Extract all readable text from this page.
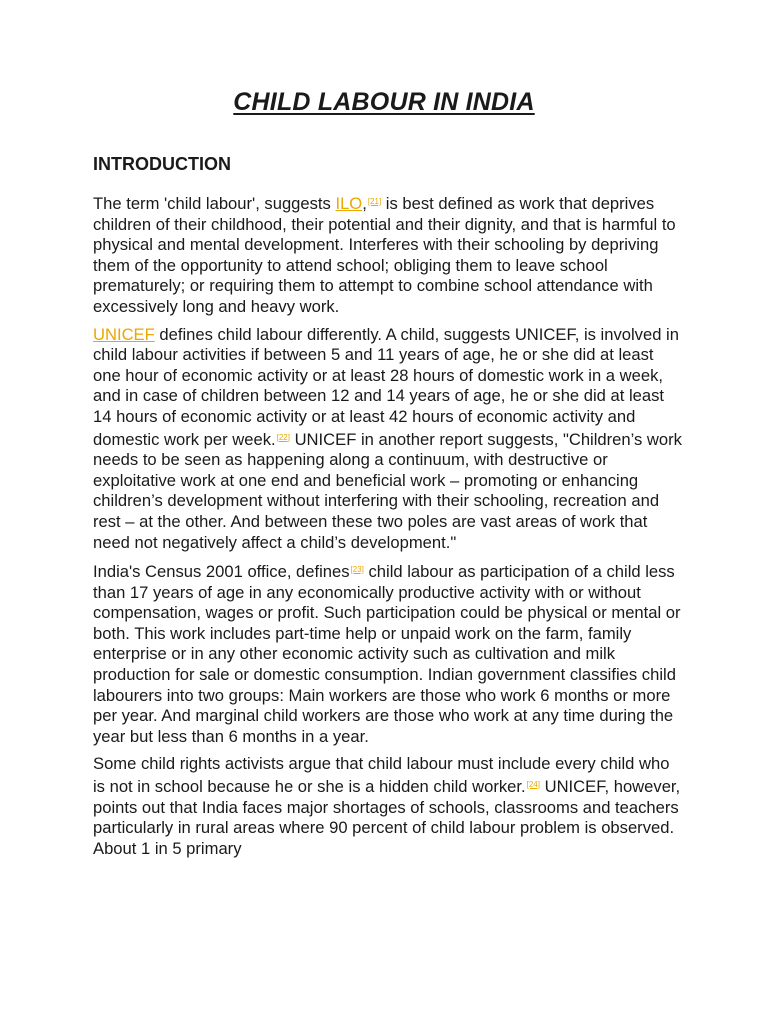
CHILD LABOUR IN INDIA
INTRODUCTION

The term 'child labour', suggests ILO,[21] is best defined as work that deprives children of their childhood, their potential and their dignity, and that is harmful to physical and mental development. Interferes with their schooling by depriving them of the opportunity to attend school; obliging them to leave school prematurely; or requiring them to attempt to combine school attendance with excessively long and heavy work.

UNICEF defines child labour differently. A child, suggests UNICEF, is involved in child labour activities if between 5 and 11 years of age, he or she did at least one hour of economic activity or at least 28 hours of domestic work in a week, and in case of children between 12 and 14 years of age, he or she did at least 14 hours of economic activity or at least 42 hours of economic activity and domestic work per week.[22] UNICEF in another report suggests, "Children’s work needs to be seen as happening along a continuum, with destructive or exploitative work at one end and beneficial work – promoting or enhancing children’s development without interfering with their schooling, recreation and rest – at the other. And between these two poles are vast areas of work that need not negatively affect a child’s development."

India's Census 2001 office, defines[23] child labour as participation of a child less than 17 years of age in any economically productive activity with or without compensation, wages or profit. Such participation could be physical or mental or both. This work includes part-time help or unpaid work on the farm, family enterprise or in any other economic activity such as cultivation and milk production for sale or domestic consumption. Indian government classifies child labourers into two groups: Main workers are those who work 6 months or more per year. And marginal child workers are those who work at any time during the year but less than 6 months in a year.

Some child rights activists argue that child labour must include every child who is not in school because he or she is a hidden child worker.[24] UNICEF, however, points out that India faces major shortages of schools, classrooms and teachers particularly in rural areas where 90 percent of child labour problem is observed. About 1 in 5 primary
